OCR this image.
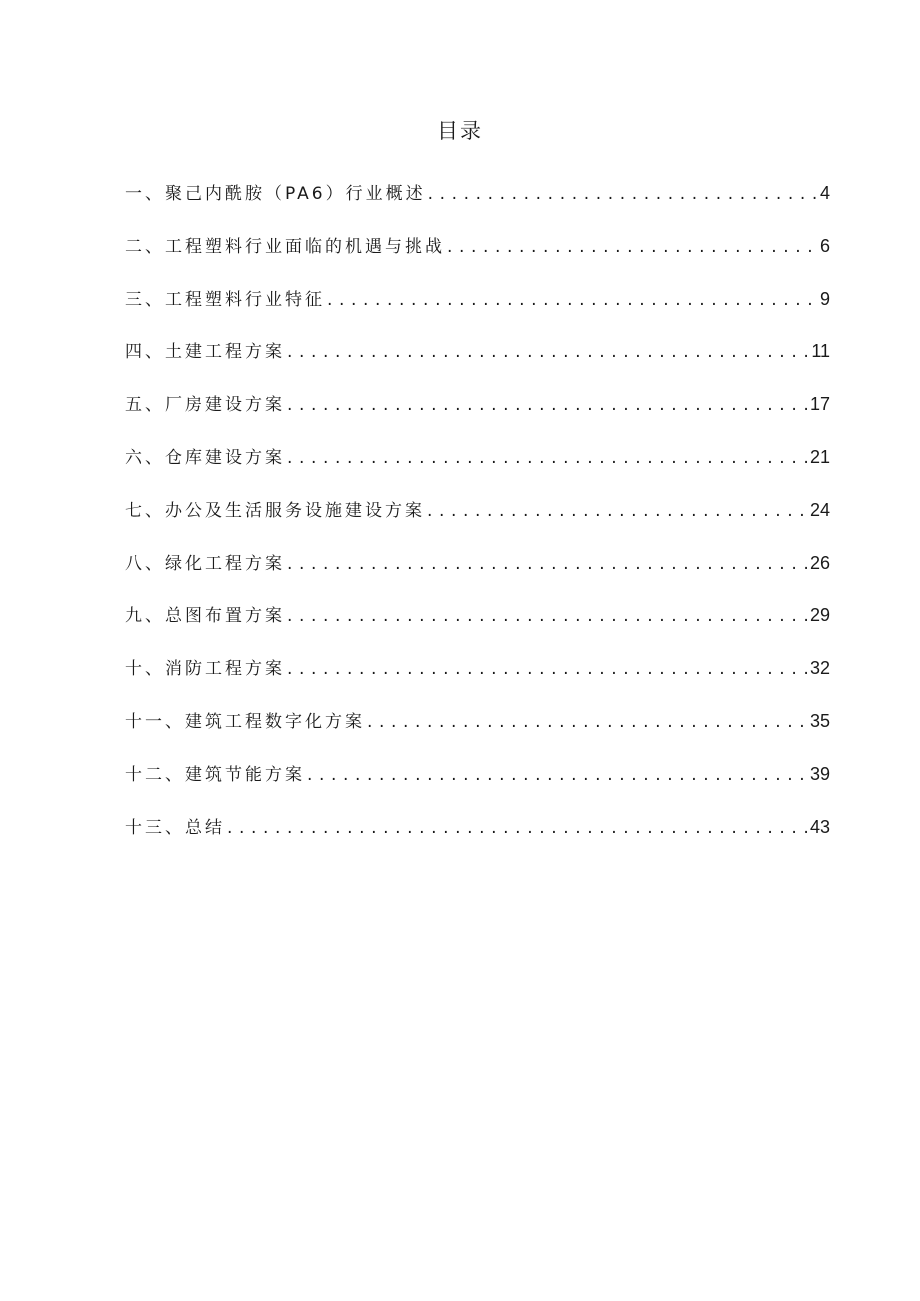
目录
一、聚己内酰胺（PA6）行业概述 . . .	4
二、工程塑料行业面临的机遇与挑战 . . .	6
三、工程塑料行业特征 . . .	9
四、土建工程方案 . . .	11
五、厂房建设方案 . . .	17
六、仓库建设方案 . . .	21
七、办公及生活服务设施建设方案 . . .	24
八、绿化工程方案 . . .	26
九、总图布置方案 . . .	29
十、消防工程方案 . . .	32
十一、建筑工程数字化方案 . . .	35
十二、建筑节能方案 . . .	39
十三、总结 . . .	43
